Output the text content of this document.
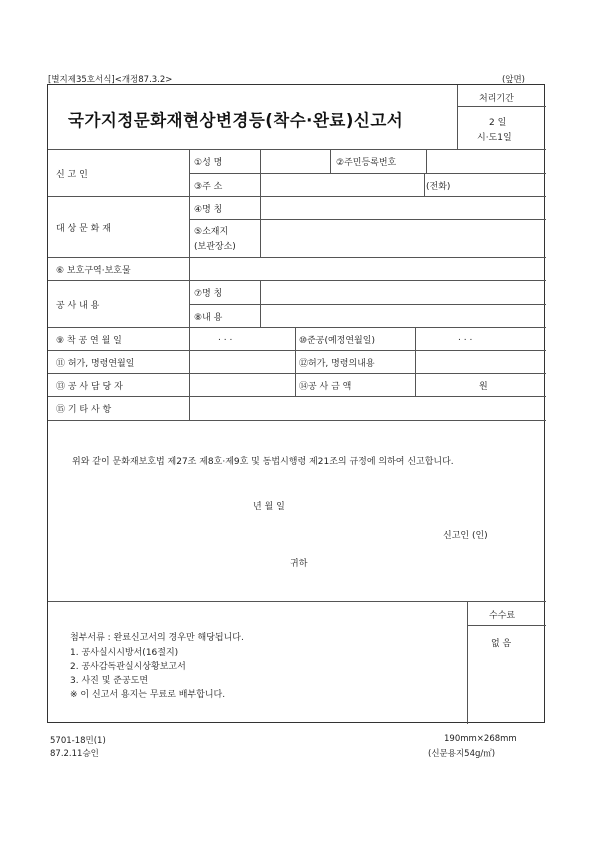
[별지제35호서식]<개정87.3.2>	(앞면)
국가지정문화재현상변경등(착수·완료)신고서
처리기간
2 일
시·도1일
신 고 인
①성 명	②주민등록번호
③주 소	(전화)
대 상 문 화 재
④명 칭
⑤소재지
(보관장소)
⑥ 보호구역·보호물
공 사 내 용
⑦명 칭
⑧내 용
⑨ 착 공 연 월 일	. . .	⑩준공(예정연월일)	. . .
⑪ 허가, 명령연월일	⑫허가, 명령의내용
⑬ 공 사 담 당 자	⑭공 사 금 액	원
⑮ 기 타 사 항
위와 같이 문화재보호법 제27조 제8호·제9호 및 동법시행령 제21조의 규정에 의하여 신고합니다.
년 월 일
신고인 (인)
귀하
첨부서류 : 완료신고서의 경우만 해당됩니다.
1. 공사실시시방서(16절지)
2. 공사감독관실시상황보고서
3. 사진 및 준공도면
※ 이 신고서 용지는 무료로 배부합니다.
수수료
없 음
5701-18민(1)
87.2.11승인
190mm×268mm
(신문용지54g/㎡)
